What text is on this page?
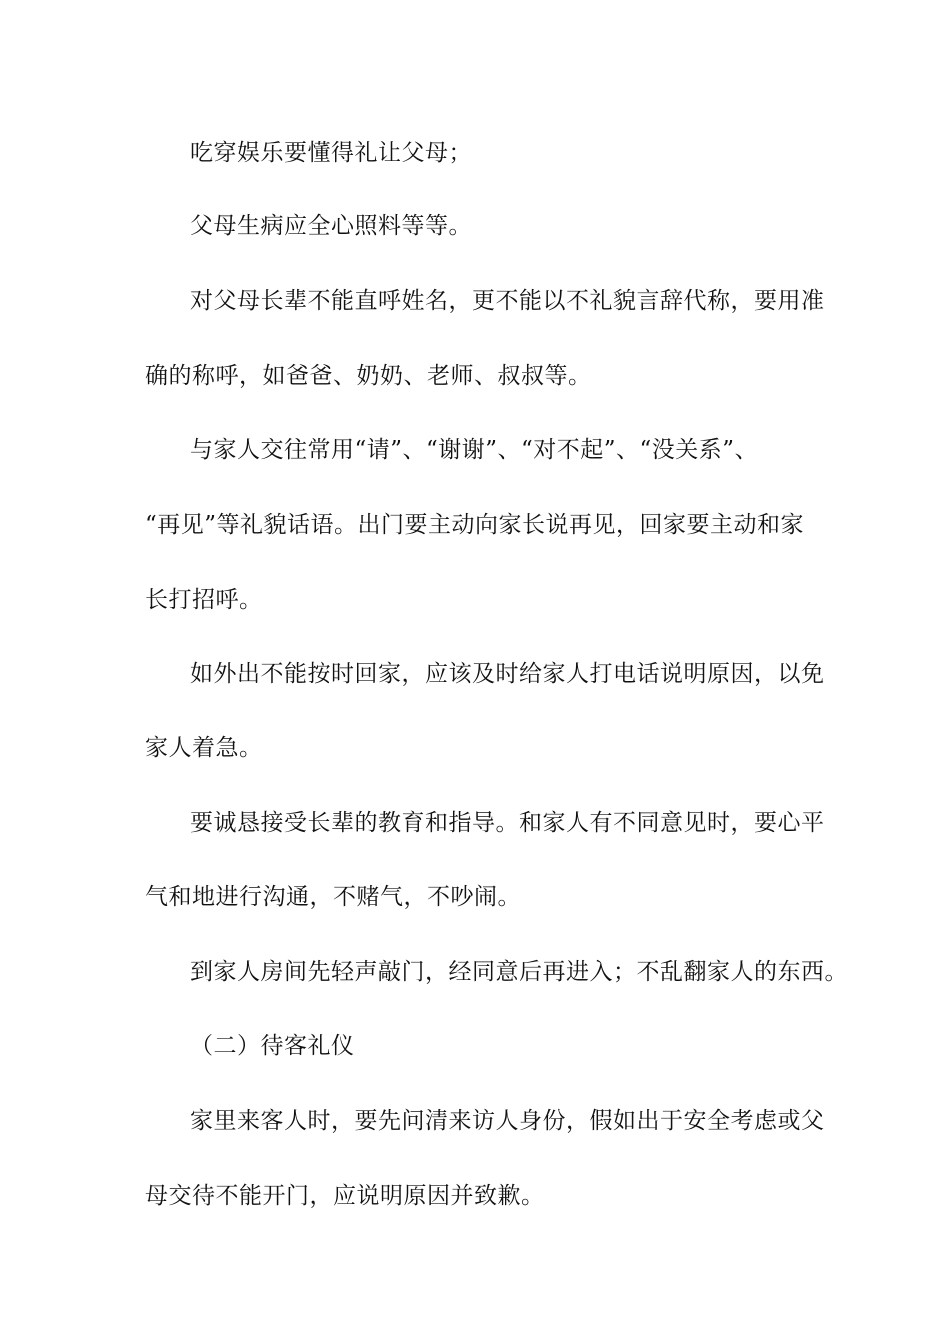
吃穿娱乐要懂得礼让父母；
父母生病应全心照料等等。
对父母长辈不能直呼姓名，更不能以不礼貌言辞代称，要用准
确的称呼，如爸爸、奶奶、老师、叔叔等。
与家人交往常用“请”、“谢谢”、“对不起”、“没关系”、
“再见”等礼貌话语。出门要主动向家长说再见，回家要主动和家
长打招呼。
如外出不能按时回家，应该及时给家人打电话说明原因，以免
家人着急。
要诚恳接受长辈的教育和指导。和家人有不同意见时，要心平
气和地进行沟通，不赌气，不吵闹。
到家人房间先轻声敲门，经同意后再进入；不乱翻家人的东西。
（二）待客礼仪
家里来客人时，要先问清来访人身份，假如出于安全考虑或父
母交待不能开门，应说明原因并致歉。
